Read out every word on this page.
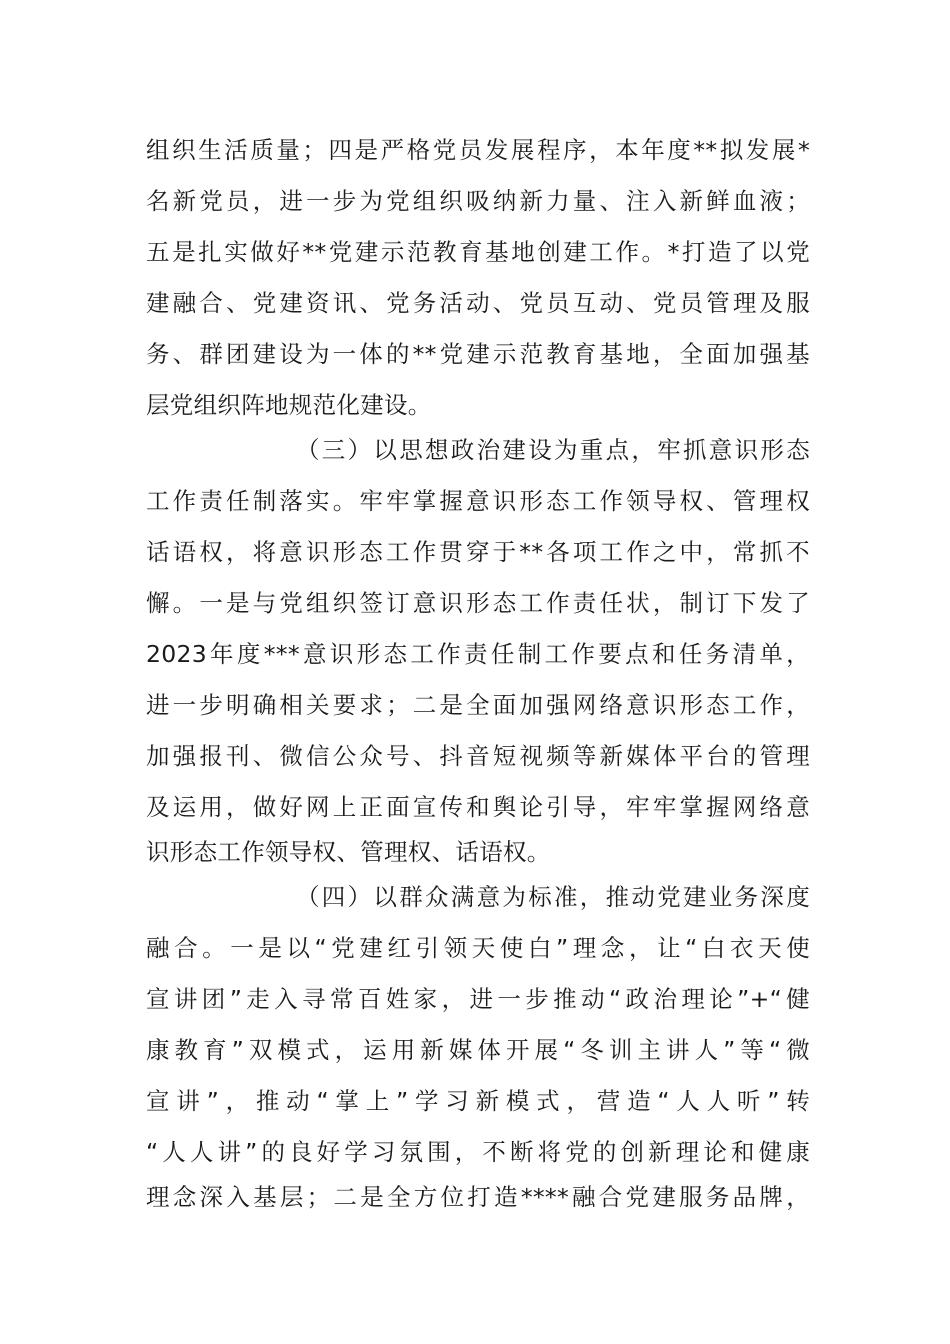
组织生活质量；四是严格党员发展程序，本年度**拟发展*
名新党员，进一步为党组织吸纳新力量、注入新鲜血液；
五是扎实做好**党建示范教育基地创建工作。*打造了以党
建融合、党建资讯、党务活动、党员互动、党员管理及服
务、群团建设为一体的**党建示范教育基地，全面加强基
层党组织阵地规范化建设。
（三）以思想政治建设为重点，牢抓意识形态
工作责任制落实。牢牢掌握意识形态工作领导权、管理权
话语权，将意识形态工作贯穿于**各项工作之中，常抓不
懈。一是与党组织签订意识形态工作责任状，制订下发了
2023年度***意识形态工作责任制工作要点和任务清单，
进一步明确相关要求；二是全面加强网络意识形态工作，
加强报刊、微信公众号、抖音短视频等新媒体平台的管理
及运用，做好网上正面宣传和舆论引导，牢牢掌握网络意
识形态工作领导权、管理权、话语权。
（四）以群众满意为标准，推动党建业务深度
融合。一是以“党建红引领天使白”理念，让“白衣天使
宣讲团”走入寻常百姓家，进一步推动“政治理论”+“健
康教育”双模式，运用新媒体开展“冬训主讲人”等“微
宣讲”，推动“掌上”学习新模式，营造“人人听”转
“人人讲”的良好学习氛围，不断将党的创新理论和健康
理念深入基层；二是全方位打造****融合党建服务品牌，
